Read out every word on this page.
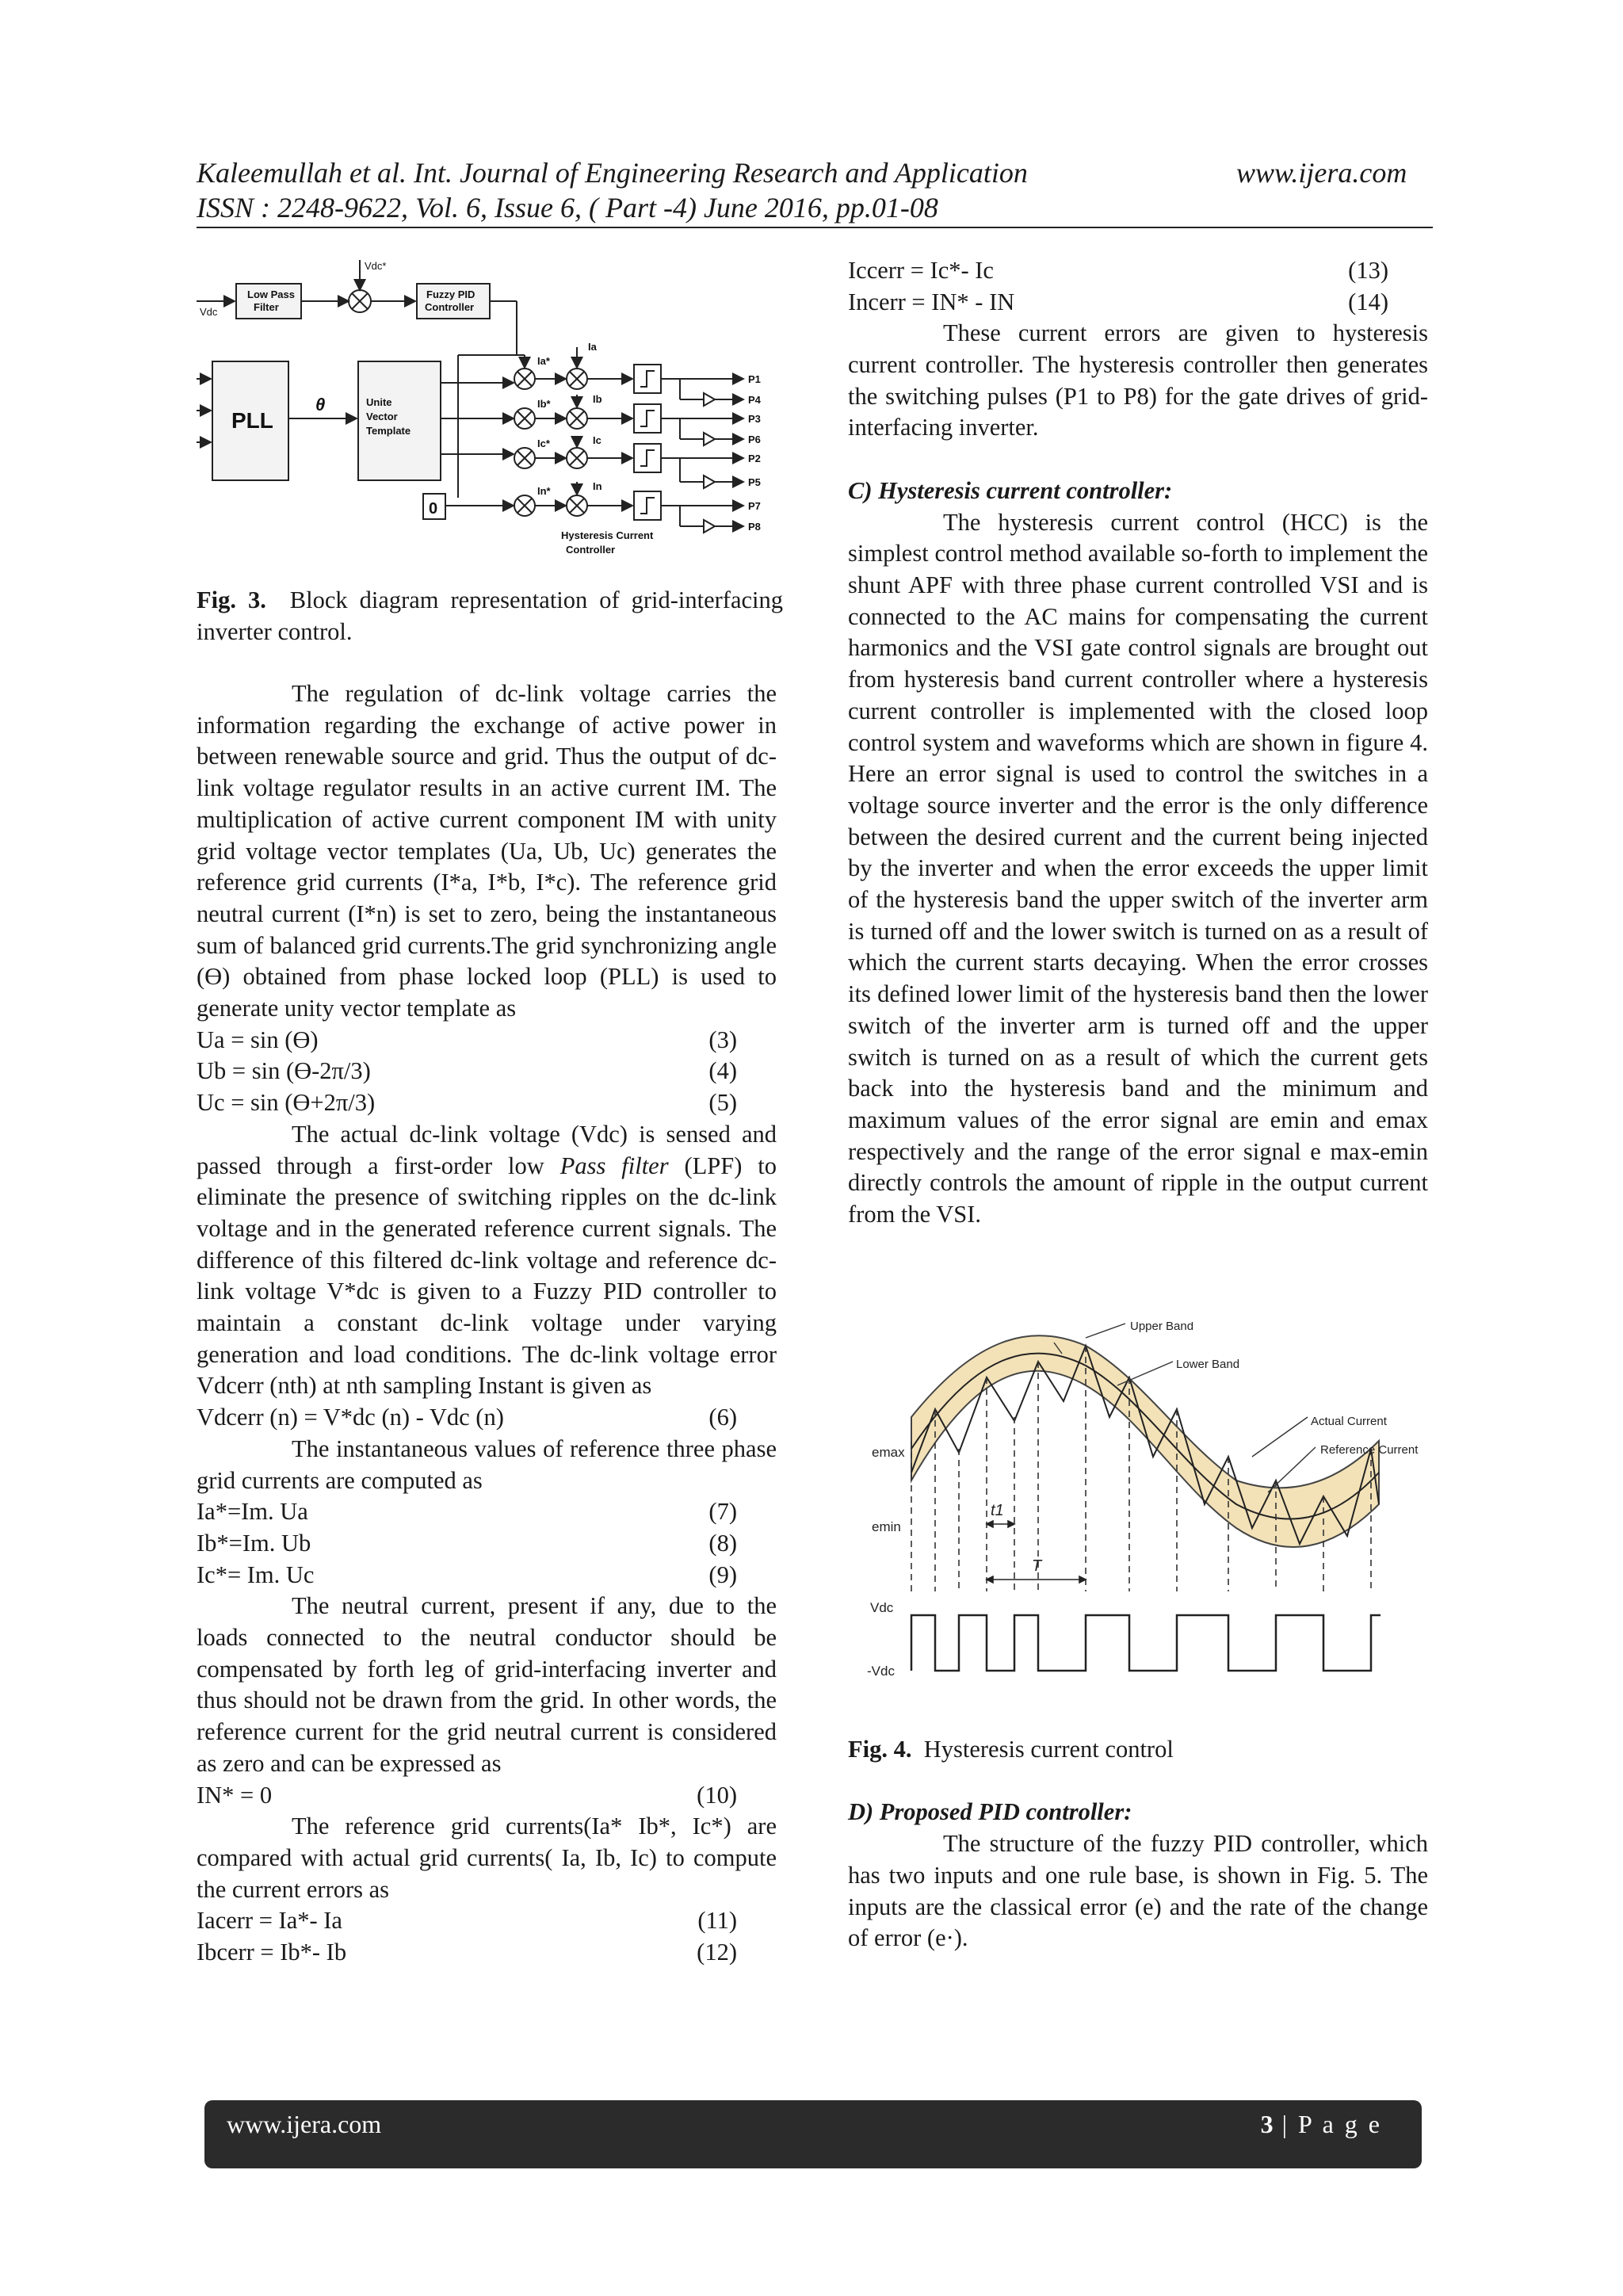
Kaleemullah et al. Int. Journal of Engineering Research and Application	www.ijera.com
ISSN : 2248-9622, Vol. 6, Issue 6, ( Part -4) June 2016, pp.01-08
Vdc
Vdc*
Low Pass
Filter
Fuzzy PID
Controller
PLL
θ	Unite
Vector
Template
0
Ia*
Ib*
Ic*
In*
Ia
Ib
Ic
In
P1
P4
P3
P6
P2
P5
P7
P8
Hysteresis Current
Controller
Fig. 3. Block diagram representation of grid-interfacing inverter control.

The regulation of dc-link voltage carries the information regarding the exchange of active power in between renewable source and grid. Thus the output of dc-link voltage regulator results in an active current IM. The multiplication of active current component IM with unity grid voltage vector templates (Ua, Ub, Uc) generates the reference grid currents (I*a, I*b, I*c). The reference grid neutral current (I*n) is set to zero, being the instantaneous sum of balanced grid currents.The grid synchronizing angle (Ө) obtained from phase locked loop (PLL) is used to generate unity vector template as

Ua = sin (Ө)	(3)
Ub = sin (Ө-2π/3)	(4)
Uc = sin (Ө+2π/3)	(5)

The actual dc-link voltage (Vdc) is sensed and passed through a first-order low Pass filter (LPF) to eliminate the presence of switching ripples on the dc-link voltage and in the generated reference current signals. The difference of this filtered dc-link voltage and reference dc-link voltage V*dc is given to a Fuzzy PID controller to maintain a constant dc-link voltage under varying generation and load conditions. The dc-link voltage error Vdcerr (nth) at nth sampling Instant is given as

Vdcerr (n) = V*dc (n) - Vdc (n)	(6)

The instantaneous values of reference three phase grid currents are computed as

Ia*=Im. Ua	(7)
Ib*=Im. Ub	(8)
Ic*= Im. Uc	(9)

The neutral current, present if any, due to the loads connected to the neutral conductor should be compensated by forth leg of grid-interfacing inverter and thus should not be drawn from the grid. In other words, the reference current for the grid neutral current is considered as zero and can be expressed as

IN* = 0	(10)

The reference grid currents(Ia* Ib*, Ic*) are compared with actual grid currents( Ia, Ib, Ic) to compute the current errors as

Iacerr = Ia*- Ia	(11)
Ibcerr = Ib*- Ib	(12)
Iccerr = Ic*- Ic	(13)
Incerr = IN* - IN	(14)

These current errors are given to hysteresis current controller. The hysteresis controller then generates the switching pulses (P1 to P8) for the gate drives of grid-interfacing inverter.

C) Hysteresis current controller:

The hysteresis current control (HCC) is the simplest control method available so-forth to implement the shunt APF with three phase current controlled VSI and is connected to the AC mains for compensating the current harmonics and the VSI gate control signals are brought out from hysteresis band current controller where a hysteresis current controller is implemented with the closed loop control system and waveforms which are shown in figure 4. Here an error signal is used to control the switches in a voltage source inverter and the error is the only difference between the desired current and the current being injected by the inverter and when the error exceeds the upper limit of the hysteresis band the upper switch of the inverter arm is turned off and the lower switch is turned on as a result of which the current starts decaying. When the error crosses its defined lower limit of the hysteresis band then the lower switch of the inverter arm is turned off and the upper switch is turned on as a result of which the current gets back into the hysteresis band and the minimum and maximum values of the error signal are emin and emax respectively and the range of the error signal e max-emin directly controls the amount of ripple in the output current from the VSI.

Upper Band
Lower Band
Actual Current
Reference Current
emax
emin
t1
T
Vdc
-Vdc

Fig. 4. Hysteresis current control

D) Proposed PID controller:

The structure of the fuzzy PID controller, which has two inputs and one rule base, is shown in Fig. 5. The inputs are the classical error (e) and the rate of the change of error (e·).

www.ijera.com	3 | P a g e
